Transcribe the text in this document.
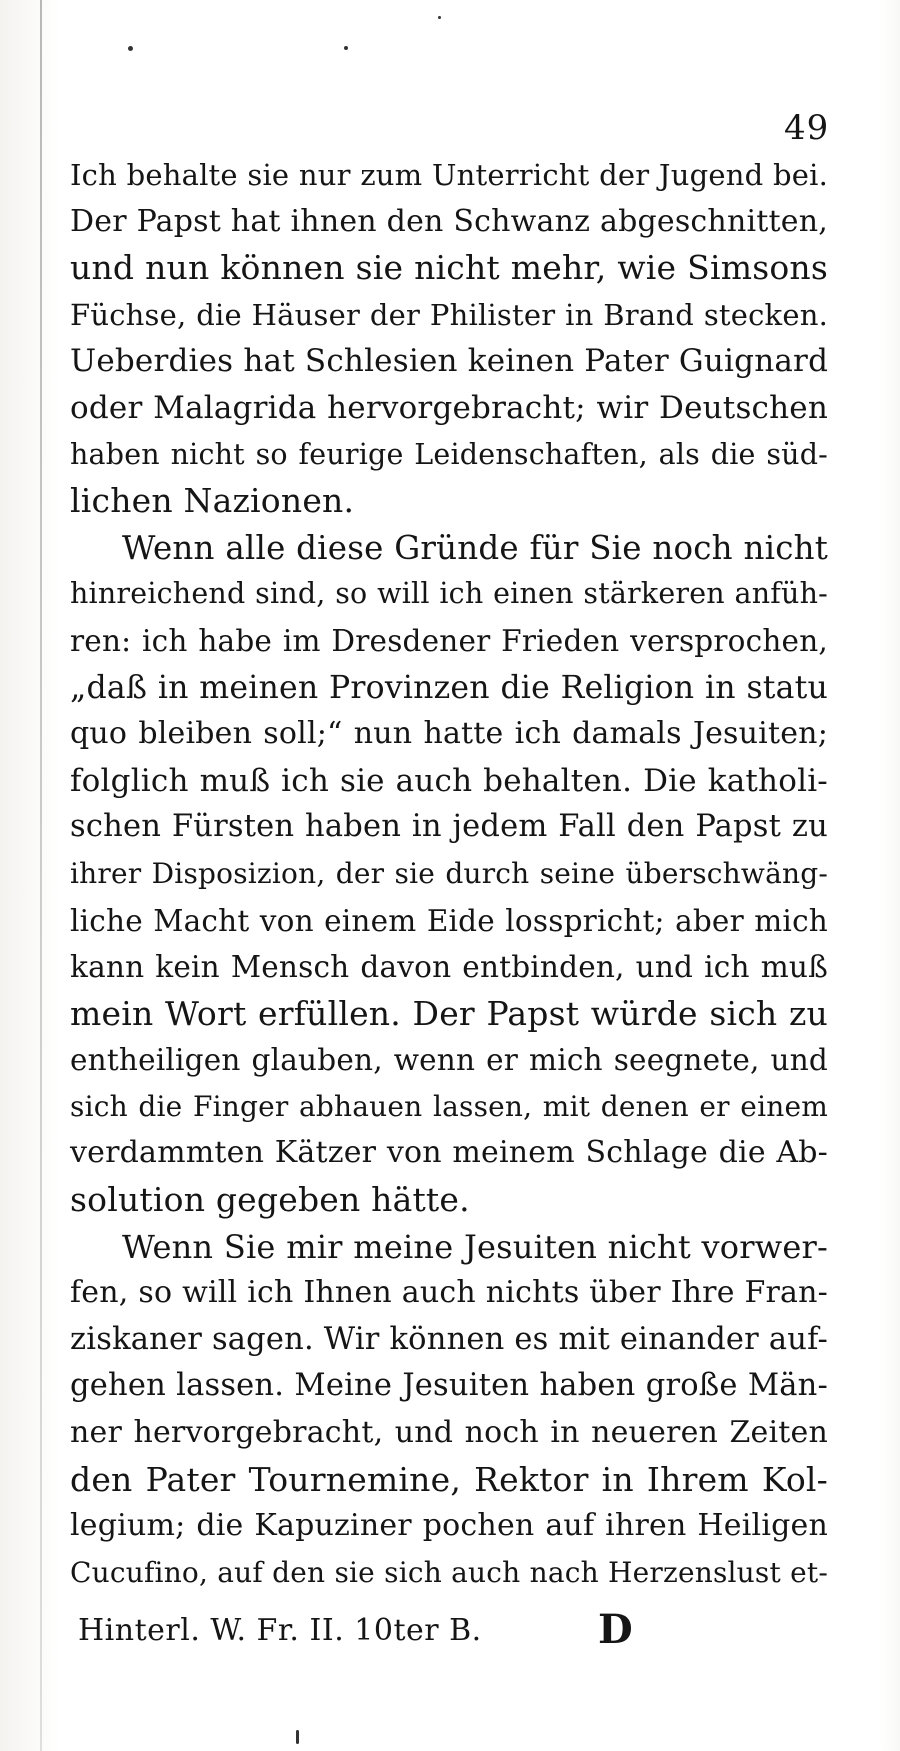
49
Ich behalte sie nur zum Unterricht der Jugend bei.
Der Papst hat ihnen den Schwanz abgeschnitten,
und nun können sie nicht mehr, wie Simsons
Füchse, die Häuser der Philister in Brand stecken.
Ueberdies hat Schlesien keinen Pater Guignard
oder Malagrida hervorgebracht; wir Deutschen
haben nicht so feurige Leidenschaften, als die süd-
lichen Nazionen.
Wenn alle diese Gründe für Sie noch nicht
hinreichend sind, so will ich einen stärkeren anfüh-
ren: ich habe im Dresdener Frieden versprochen,
„daß in meinen Provinzen die Religion in statu
quo bleiben soll;“ nun hatte ich damals Jesuiten;
folglich muß ich sie auch behalten. Die katholi-
schen Fürsten haben in jedem Fall den Papst zu
ihrer Disposizion, der sie durch seine überschwäng-
liche Macht von einem Eide losspricht; aber mich
kann kein Mensch davon entbinden, und ich muß
mein Wort erfüllen. Der Papst würde sich zu
entheiligen glauben, wenn er mich seegnete, und
sich die Finger abhauen lassen, mit denen er einem
verdammten Kätzer von meinem Schlage die Ab-
solution gegeben hätte.
Wenn Sie mir meine Jesuiten nicht vorwer-
fen, so will ich Ihnen auch nichts über Ihre Fran-
ziskaner sagen. Wir können es mit einander auf-
gehen lassen. Meine Jesuiten haben große Män-
ner hervorgebracht, und noch in neueren Zeiten
den Pater Tournemine, Rektor in Ihrem Kol-
legium; die Kapuziner pochen auf ihren Heiligen
Cucufino, auf den sie sich auch nach Herzenslust et-
Hinterl. W. Fr. II. 10ter B.	D
